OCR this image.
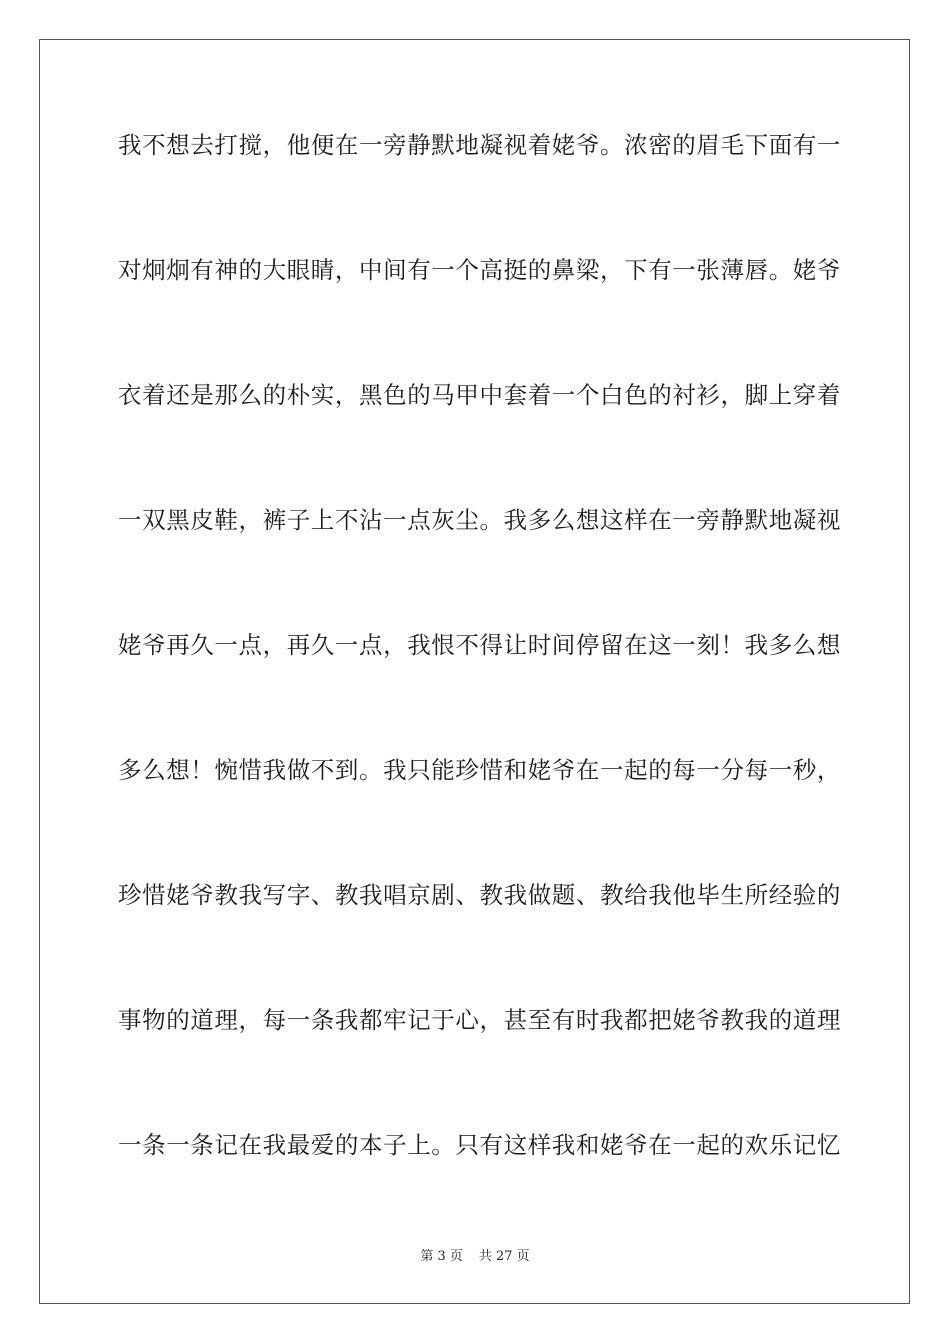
我不想去打搅，他便在一旁静默地凝视着姥爷。浓密的眉毛下面有一
对炯炯有神的大眼睛，中间有一个高挺的鼻梁，下有一张薄唇。姥爷
衣着还是那么的朴实，黑色的马甲中套着一个白色的衬衫，脚上穿着
一双黑皮鞋，裤子上不沾一点灰尘。我多么想这样在一旁静默地凝视
姥爷再久一点，再久一点，我恨不得让时间停留在这一刻！我多么想
多么想！惋惜我做不到。我只能珍惜和姥爷在一起的每一分每一秒，
珍惜姥爷教我写字、教我唱京剧、教我做题、教给我他毕生所经验的
事物的道理，每一条我都牢记于心，甚至有时我都把姥爷教我的道理
一条一条记在我最爱的本子上。只有这样我和姥爷在一起的欢乐记忆
第 3 页 共 27 页
